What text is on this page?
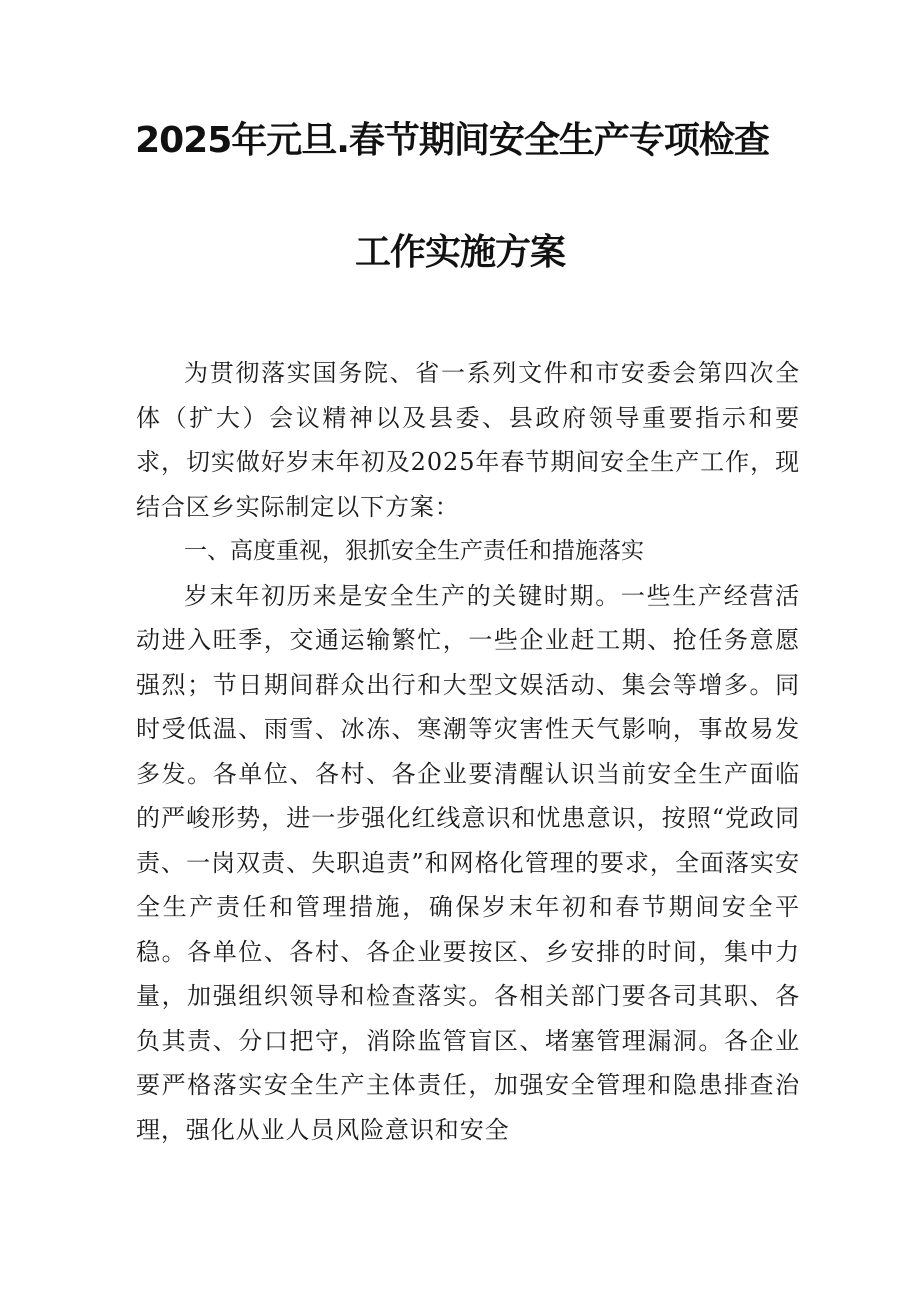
2025年元旦.春节期间安全生产专项检查
工作实施方案

为贯彻落实国务院、省一系列文件和市安委会第四次全体（扩大）会议精神以及县委、县政府领导重要指示和要求，切实做好岁末年初及2025年春节期间安全生产工作，现结合区乡实际制定以下方案：

一、高度重视，狠抓安全生产责任和措施落实

岁末年初历来是安全生产的关键时期。一些生产经营活动进入旺季，交通运输繁忙，一些企业赶工期、抢任务意愿强烈；节日期间群众出行和大型文娱活动、集会等增多。同时受低温、雨雪、冰冻、寒潮等灾害性天气影响，事故易发多发。各单位、各村、各企业要清醒认识当前安全生产面临的严峻形势，进一步强化红线意识和忧患意识，按照“党政同责、一岗双责、失职追责”和网格化管理的要求，全面落实安全生产责任和管理措施，确保岁末年初和春节期间安全平稳。各单位、各村、各企业要按区、乡安排的时间，集中力量，加强组织领导和检查落实。各相关部门要各司其职、各负其责、分口把守，消除监管盲区、堵塞管理漏洞。各企业要严格落实安全生产主体责任，加强安全管理和隐患排查治理，强化从业人员风险意识和安全
